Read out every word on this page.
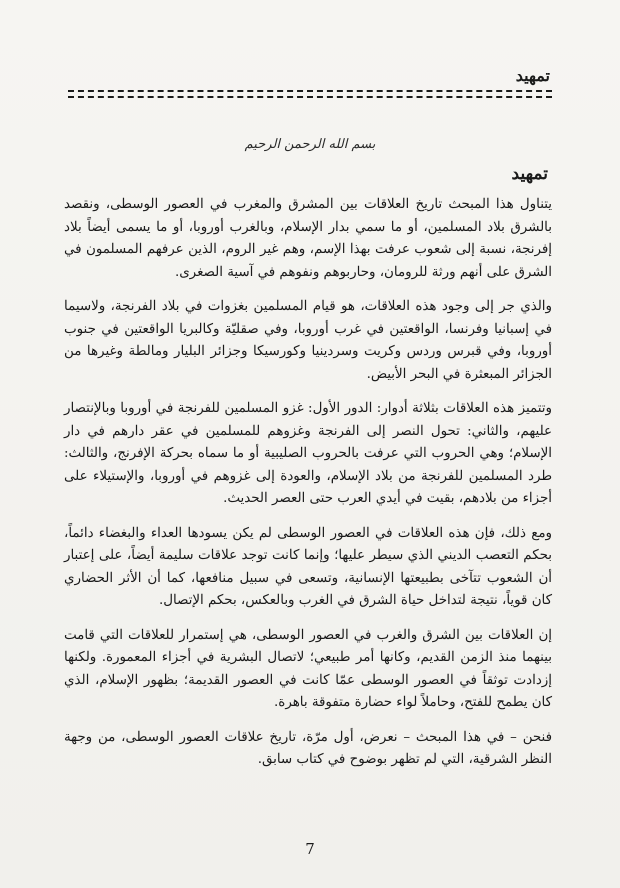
تمهيد
بسم الله الرحمن الرحيم
تمهيد

يتناول هذا المبحث تاريخ العلاقات بين المشرق والمغرب في العصور الوسطى، ونقصد بالشرق بلاد المسلمين، أو ما سمي بدار الإسلام، وبالغرب أوروبا، أو ما يسمى أيضاً بلاد إفرنجة، نسبة إلى شعوب عرفت بهذا الإسم، وهم غير الروم، الذين عرفهم المسلمون في الشرق على أنهم ورثة للرومان، وحاربوهم ونفوهم في آسية الصغرى.

والذي جر إلى وجود هذه العلاقات، هو قيام المسلمين بغزوات في بلاد الفرنجة، ولاسيما في إسبانيا وفرنسا، الواقعتين في غرب أوروبا، وفي صقليّة وكالبريا الواقعتين في جنوب أوروبا، وفي قبرس وردس وكريت وسردينيا وكورسيكا وجزائر البليار ومالطة وغيرها من الجزائر المبعثرة في البحر الأبيض.

وتتميز هذه العلاقات بثلاثة أدوار: الدور الأول: غزو المسلمين للفرنجة في أوروبا وبالإنتصار عليهم، والثاني: تحول النصر إلى الفرنجة وغزوهم للمسلمين في عقر دارهم في دار الإسلام؛ وهي الحروب التي عرفت بالحروب الصليبية أو ما سماه بحركة الإفرنج، والثالث: طرد المسلمين للفرنجة من بلاد الإسلام، والعودة إلى غزوهم في أوروبا، والإستيلاء على أجزاء من بلادهم، بقيت في أيدي العرب حتى العصر الحديث.

ومع ذلك، فإن هذه العلاقات في العصور الوسطى لم يكن يسودها العداء والبغضاء دائماً، بحكم التعصب الديني الذي سيطر عليها؛ وإنما كانت توجد علاقات سليمة أيضاً، على إعتبار أن الشعوب تتآخى بطبيعتها الإنسانية، وتسعى في سبيل منافعها، كما أن الأثر الحضاري كان قوياً، نتيجة لتداخل حياة الشرق في الغرب وبالعكس، بحكم الإتصال.

إن العلاقات بين الشرق والغرب في العصور الوسطى، هي إستمرار للعلاقات التي قامت بينهما منذ الزمن القديم، وكانها أمر طبيعي؛ لاتصال البشرية في أجزاء المعمورة. ولكنها إزدادت توثقاً في العصور الوسطى عمّا كانت في العصور القديمة؛ بظهور الإسلام، الذي كان يطمح للفتح، وحاملاً لواء حضارة متفوقة باهرة.

فنحن – في هذا المبحث – نعرض، أول مرّة، تاريخ علاقات العصور الوسطى، من وجهة النظر الشرقية، التي لم تظهر بوضوح في كتاب سابق.

7
